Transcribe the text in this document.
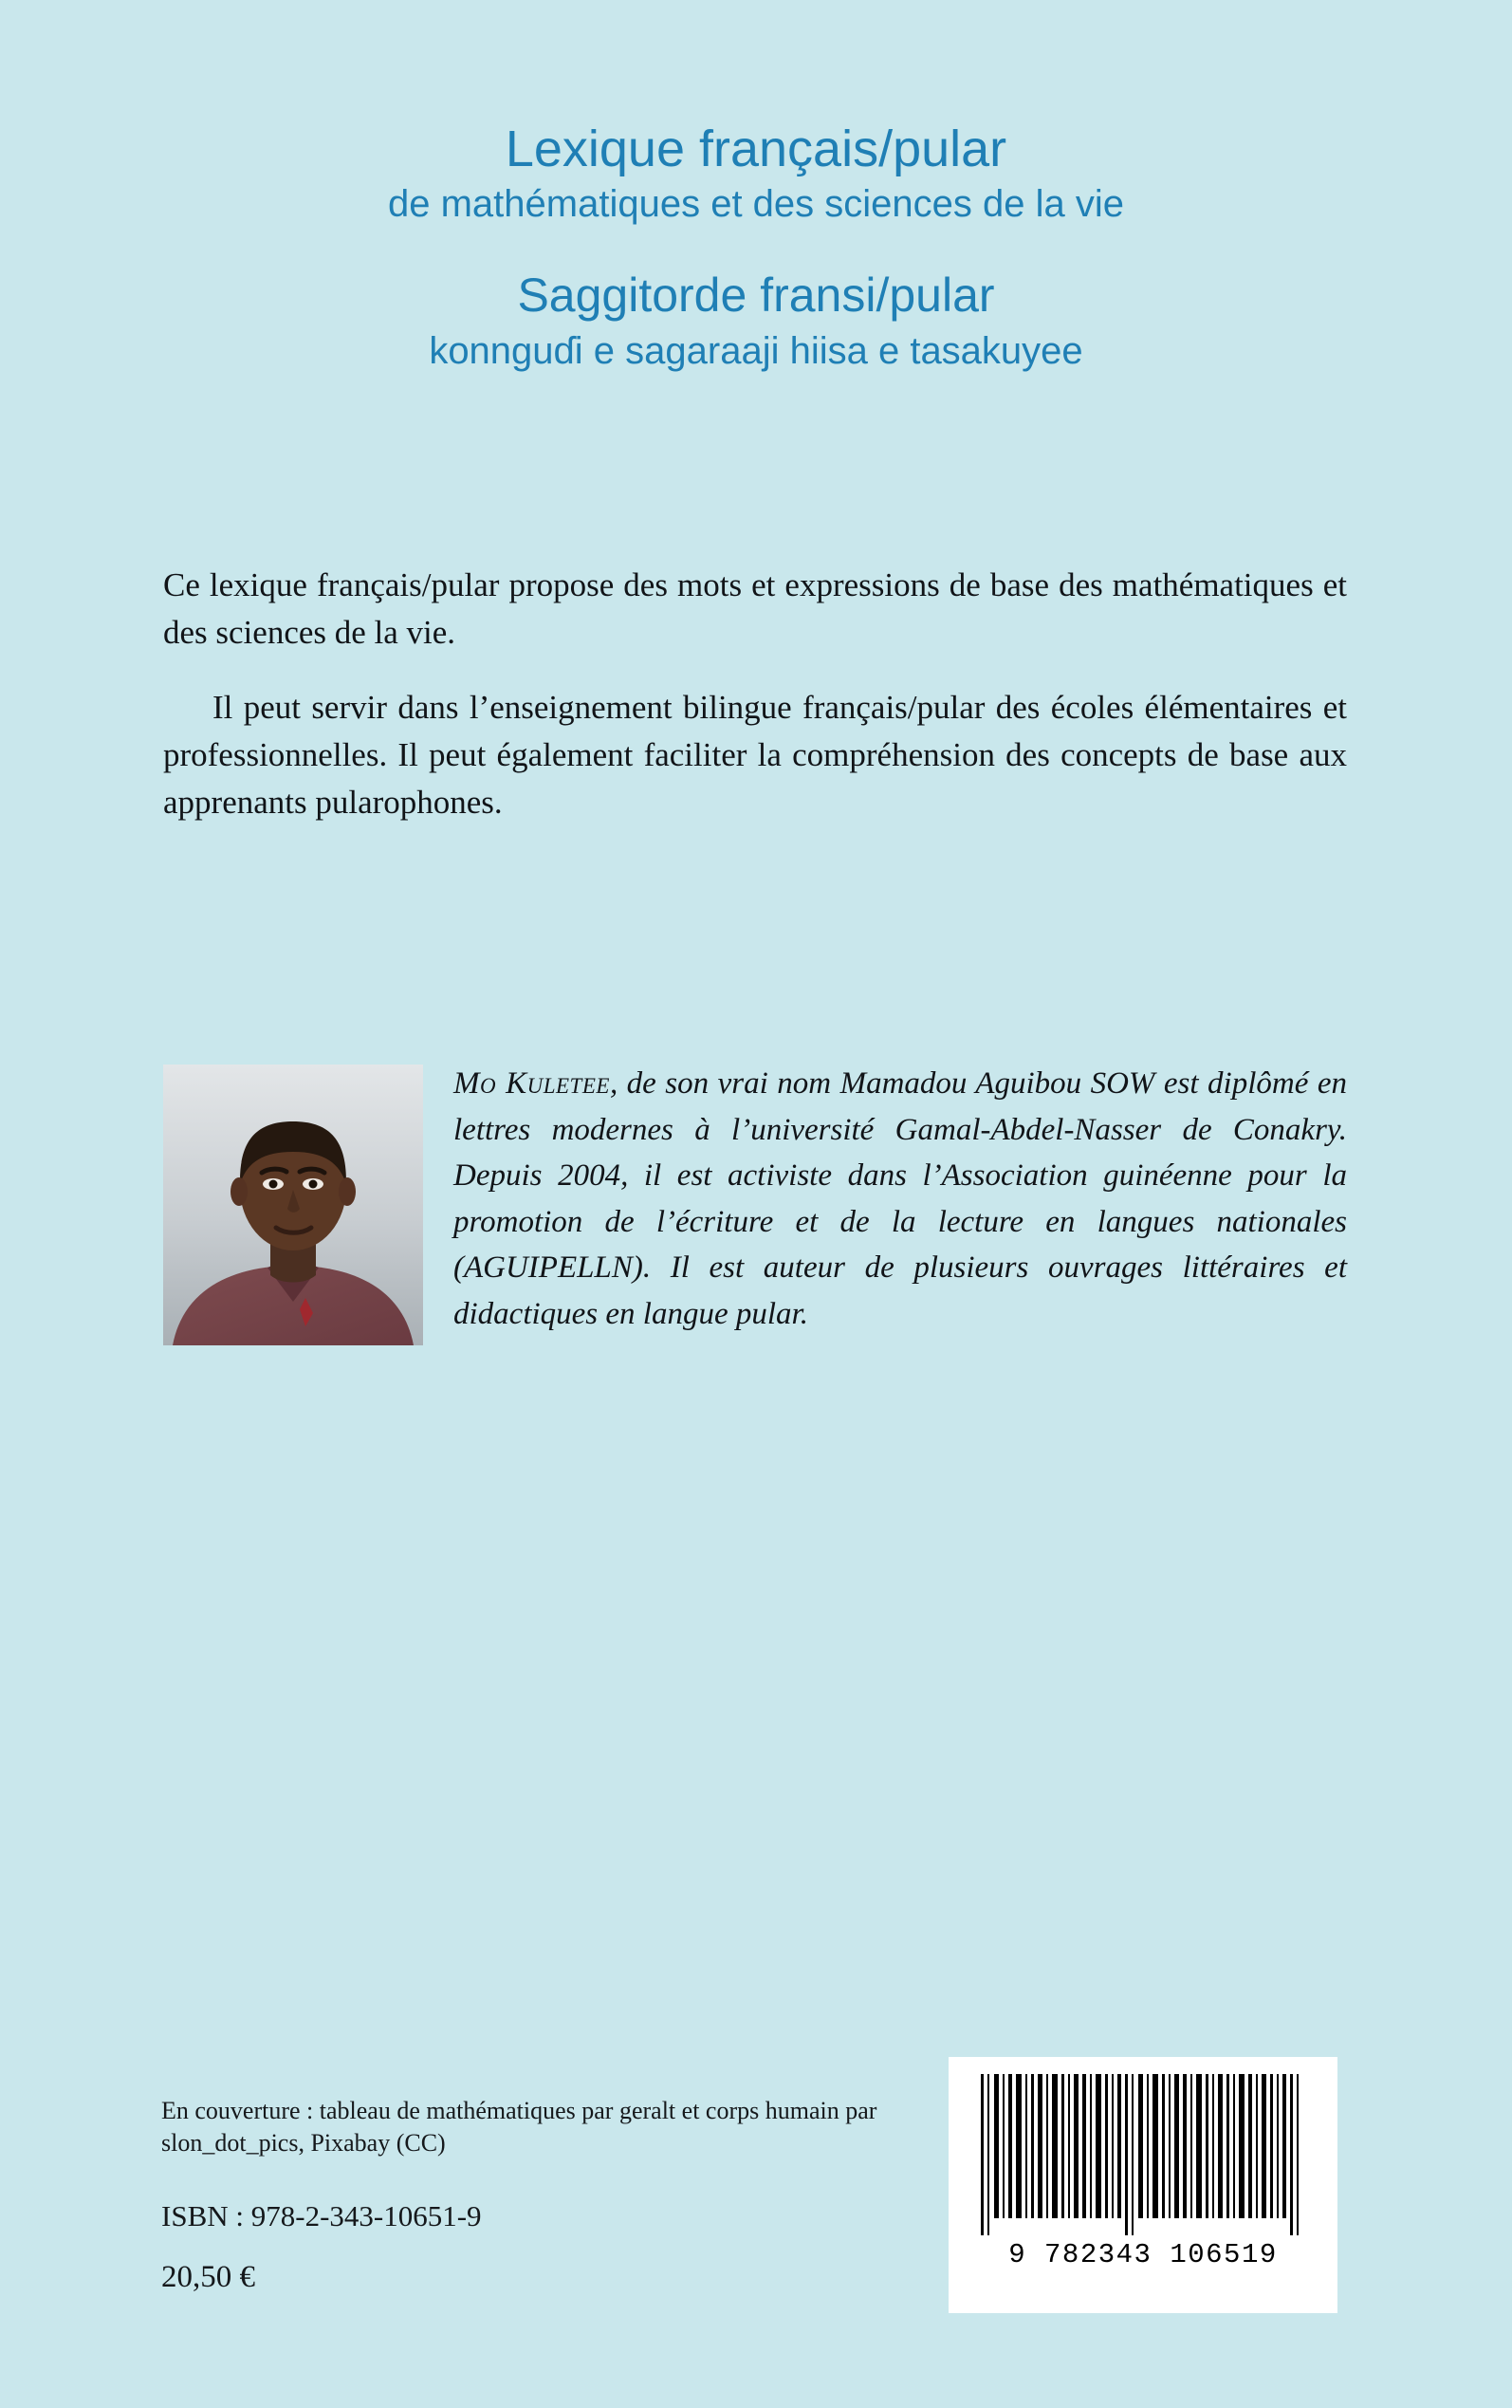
Lexique français/pular
de mathématiques et des sciences de la vie
Saggitorde fransi/pular
konnguɗi e sagaraaji hiisa e tasakuyee

Ce lexique français/pular propose des mots et expressions de base des mathématiques et des sciences de la vie.

Il peut servir dans l’enseignement bilingue français/pular des écoles élémentaires et professionnelles. Il peut également faciliter la compréhension des concepts de base aux apprenants pularophones.

Mo Kuletee, de son vrai nom Mamadou Aguibou SOW est diplômé en lettres modernes à l’université Gamal-Abdel-Nasser de Conakry. Depuis 2004, il est activiste dans l’Association guinéenne pour la promotion de l’écriture et de la lecture en langues nationales (AGUIPELLN). Il est auteur de plusieurs ouvrages littéraires et didactiques en langue pular.
En couverture : tableau de mathématiques par geralt et corps humain par slon_dot_pics, Pixabay (CC)
ISBN : 978-2-343-10651-9
20,50 €
9 782343 106519
